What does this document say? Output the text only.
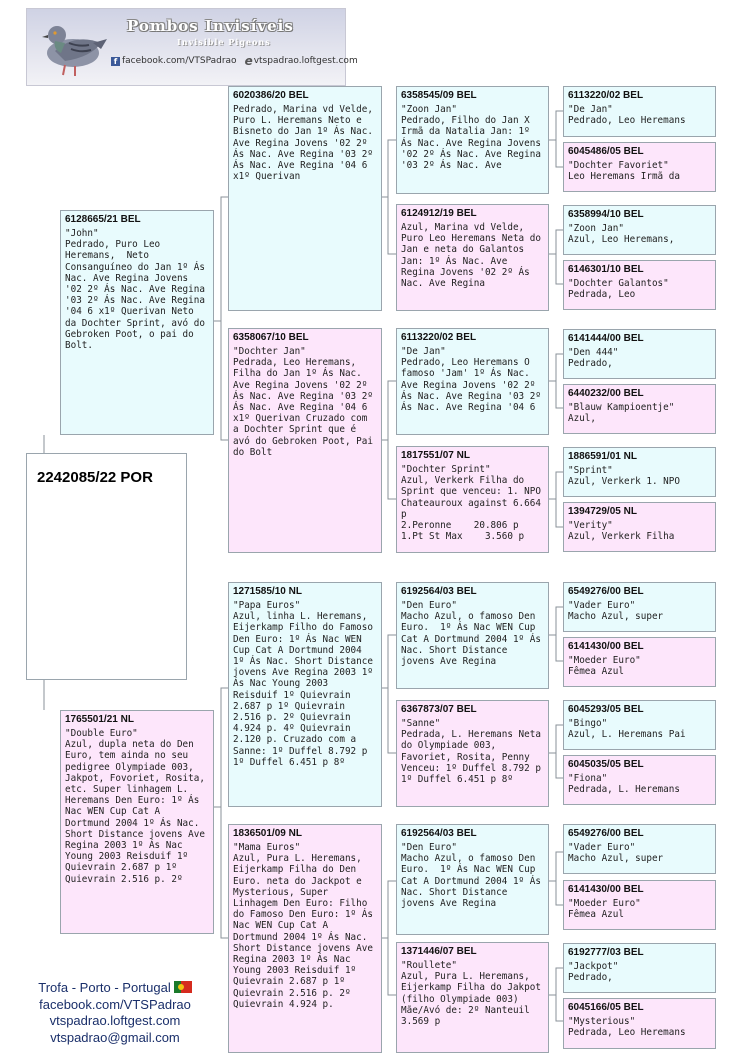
Pombos Invisíveis
Invisible Pigeons
f facebook.com/VTSPadrao e vtspadrao.loftgest.com
2242085/22 POR
6128665/21 BEL
"John"
Pedrado, Puro Leo Heremans,  Neto Consanguíneo do Jan 1º Ás Nac. Ave Regina Jovens '02 2º Ás Nac. Ave Regina '03 2º Ás Nac. Ave Regina '04 6 x1º Querivan Neto da Dochter Sprint, avó do Gebroken Poot, o pai do Bolt.
1765501/21 NL
"Double Euro"
Azul, dupla neta do Den Euro, tem ainda no seu pedigree Olympiade 003, Jakpot, Fovoriet, Rosita, etc. Super linhagem L. Heremans Den Euro: 1º Ás Nac WEN Cup Cat A Dortmund 2004 1º Ás Nac. Short Distance jovens Ave Regina 2003 1º Ás Nac Young 2003 Reisduif 1º Quievrain 2.687 p 1º Quievrain 2.516 p. 2º
6020386/20 BEL
Pedrado, Marina vd Velde, Puro L. Heremans Neto e Bisneto do Jan 1º Ás Nac. Ave Regina Jovens '02 2º Ás Nac. Ave Regina '03 2º Ás Nac. Ave Regina '04 6 x1º Querivan
6358067/10 BEL
"Dochter Jan"
Pedrada, Leo Heremans, Filha do Jan 1º Ás Nac. Ave Regina Jovens '02 2º Ás Nac. Ave Regina '03 2º Ás Nac. Ave Regina '04 6 x1º Querivan Cruzado com a Dochter Sprint que é avó do Gebroken Poot, Pai do Bolt
1271585/10 NL
"Papa Euros"
Azul, linha L. Heremans, Eijerkamp Filho do Famoso Den Euro: 1º Ás Nac WEN Cup Cat A Dortmund 2004 1º Ás Nac. Short Distance jovens Ave Regina 2003 1º Ás Nac Young 2003 Reisduif 1º Quievrain 2.687 p 1º Quievrain 2.516 p. 2º Quievrain 4.924 p. 4º Quievrain 2.120 p. Cruzado com a Sanne: 1º Duffel 8.792 p 1º Duffel 6.451 p 8º
1836501/09 NL
"Mama Euros"
Azul, Pura L. Heremans, Eijerkamp Filha do Den Euro. neta do Jackpot e Mysterious, Super Linhagem Den Euro: Filho do Famoso Den Euro: 1º Ás Nac WEN Cup Cat A Dortmund 2004 1º Ás Nac. Short Distance jovens Ave Regina 2003 1º Ás Nac Young 2003 Reisduif 1º Quievrain 2.687 p 1º Quievrain 2.516 p. 2º Quievrain 4.924 p.
6358545/09 BEL
"Zoon Jan"
Pedrado, Filho do Jan X Irmã da Natalia Jan: 1º Ás Nac. Ave Regina Jovens '02 2º Ás Nac. Ave Regina '03 2º Ás Nac. Ave
6124912/19 BEL
Azul, Marina vd Velde, Puro Leo Heremans Neta do Jan e neta do Galantos Jan: 1º Ás Nac. Ave Regina Jovens '02 2º Ás Nac. Ave Regina
6113220/02 BEL
"De Jan"
Pedrado, Leo Heremans O famoso 'Jam' 1º Ás Nac. Ave Regina Jovens '02 2º Ás Nac. Ave Regina '03 2º Ás Nac. Ave Regina '04 6
1817551/07 NL
"Dochter Sprint"
Azul, Verkerk Filha do Sprint que venceu: 1. NPO Chateauroux against 6.664 p
2.Peronne    20.806 p
1.Pt St Max    3.560 p
6192564/03 BEL
"Den Euro"
Macho Azul, o famoso Den Euro.  1º Ás Nac WEN Cup Cat A Dortmund 2004 1º Ás Nac. Short Distance jovens Ave Regina
6367873/07 BEL
"Sanne"
Pedrada, L. Heremans Neta do Olympiade 003, Favoriet, Rosita, Penny Venceu: 1º Duffel 8.792 p 1º Duffel 6.451 p 8º
6192564/03 BEL
"Den Euro"
Macho Azul, o famoso Den Euro.  1º Ás Nac WEN Cup Cat A Dortmund 2004 1º Ás Nac. Short Distance jovens Ave Regina
1371446/07 BEL
"Roullete"
Azul, Pura L. Heremans, Eijerkamp Filha do Jakpot (filho Olympiade 003) Mãe/Avó de: 2º Nanteuil    3.569 p
6113220/02 BEL
"De Jan"
Pedrado, Leo Heremans
6045486/05 BEL
"Dochter Favoriet"
Leo Heremans Irmã da
6358994/10 BEL
"Zoon Jan"
Azul, Leo Heremans,
6146301/10 BEL
"Dochter Galantos"
Pedrada, Leo
6141444/00 BEL
"Den 444"
Pedrado,
6440232/00 BEL
"Blauw Kampioentje"
Azul,
1886591/01 NL
"Sprint"
Azul, Verkerk 1. NPO
1394729/05 NL
"Verity"
Azul, Verkerk Filha
6549276/00 BEL
"Vader Euro"
Macho Azul, super
6141430/00 BEL
"Moeder Euro"
Fêmea Azul
6045293/05 BEL
"Bingo"
Azul, L. Heremans Pai
6045035/05 BEL
"Fiona"
Pedrada, L. Heremans
6549276/00 BEL
"Vader Euro"
Macho Azul, super
6141430/00 BEL
"Moeder Euro"
Fêmea Azul
6192777/03 BEL
"Jackpot"
Pedrado,
6045166/05 BEL
"Mysterious"
Pedrada, Leo Heremans
Trofa - Porto - Portugal
facebook.com/VTSPadrao
vtspadrao.loftgest.com
vtspadrao@gmail.com
